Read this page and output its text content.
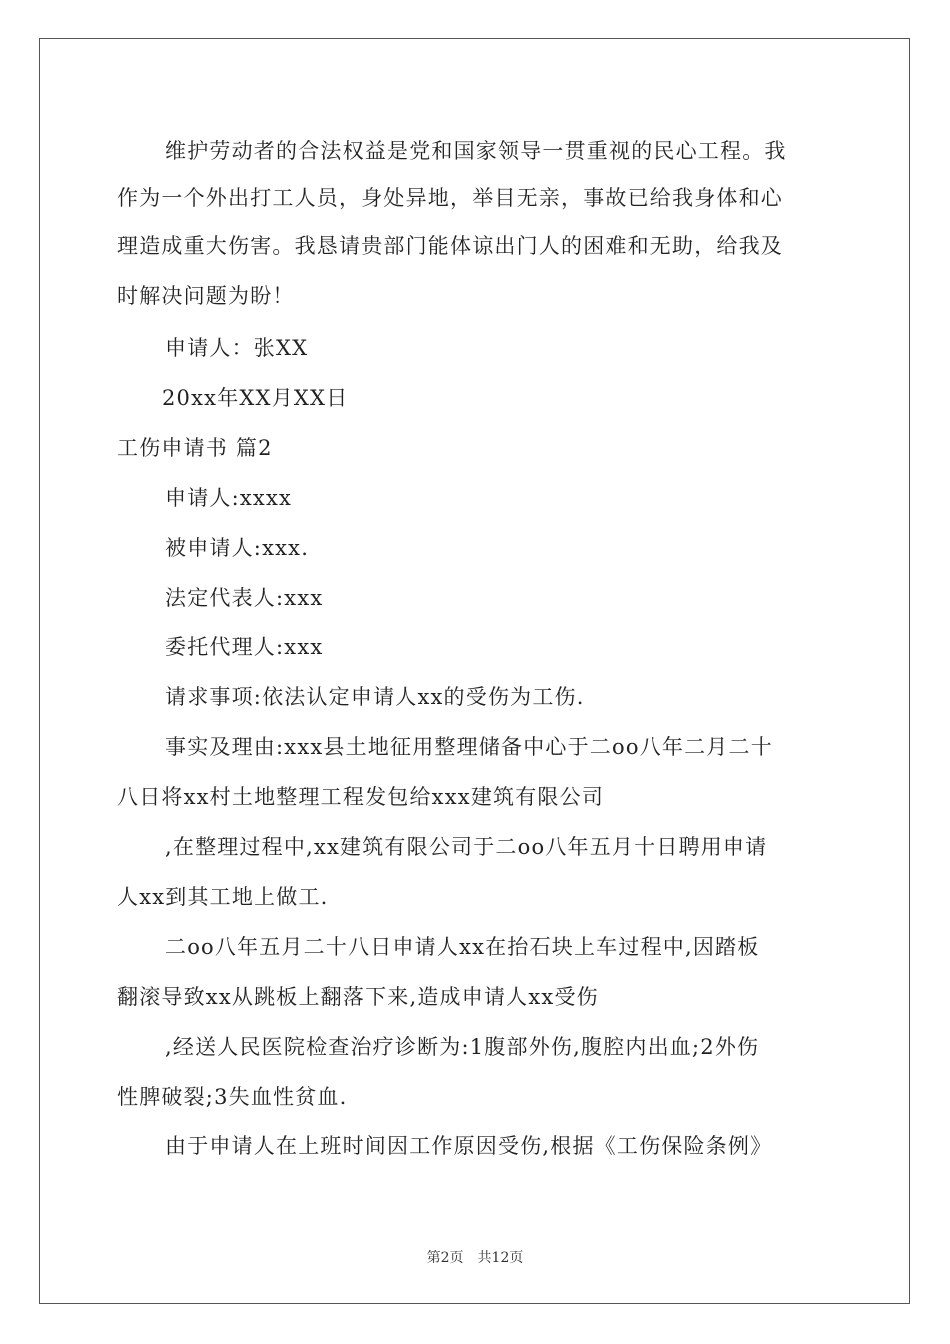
维护劳动者的合法权益是党和国家领导一贯重视的民心工程。我
作为一个外出打工人员，身处异地，举目无亲，事故已给我身体和心
理造成重大伤害。我恳请贵部门能体谅出门人的困难和无助，给我及
时解决问题为盼！
申请人：张XX
20xx年XX月XX日
工伤申请书 篇2
申请人:xxxx
被申请人:xxx.
法定代表人:xxx
委托代理人:xxx
请求事项:依法认定申请人xx的受伤为工伤.
事实及理由:xxx县土地征用整理储备中心于二oo八年二月二十
八日将xx村土地整理工程发包给xxx建筑有限公司
,在整理过程中,xx建筑有限公司于二oo八年五月十日聘用申请
人xx到其工地上做工.
二oo八年五月二十八日申请人xx在抬石块上车过程中,因踏板
翻滚导致xx从跳板上翻落下来,造成申请人xx受伤
,经送人民医院检查治疗诊断为:1腹部外伤,腹腔内出血;2外伤
性脾破裂;3失血性贫血.
由于申请人在上班时间因工作原因受伤,根据《工伤保险条例》
第2页 共12页
